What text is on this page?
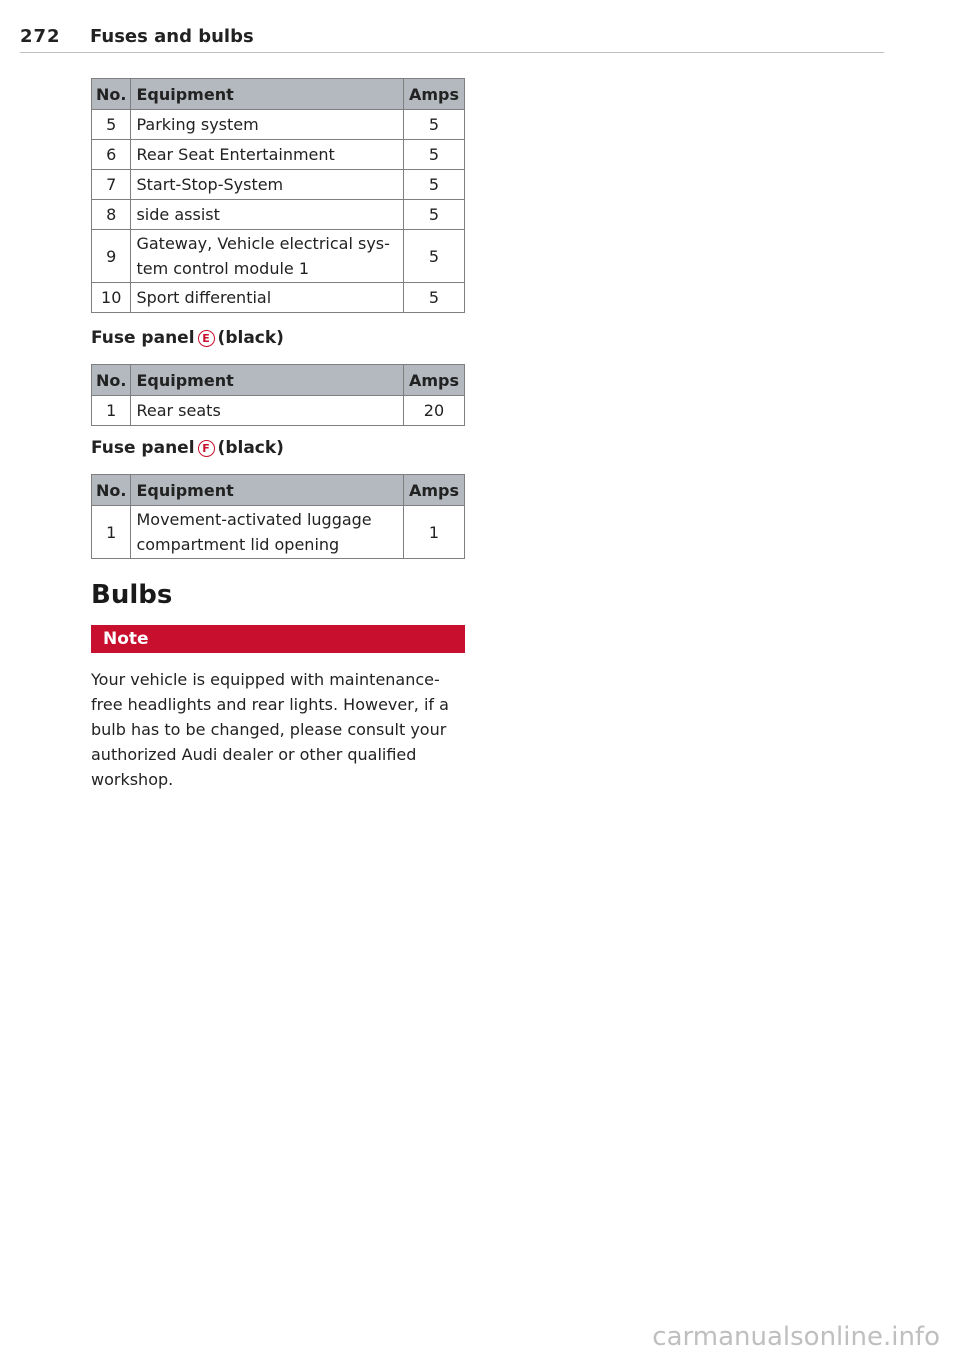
272 Fuses and bulbs
No.	Equipment	Amps
5	Parking system	5
6	Rear Seat Entertainment	5
7	Start-Stop-System	5
8	side assist	5
9	Gateway, Vehicle electrical sys-
tem control module 1	5
10	Sport differential	5
Fuse panel E (black)
No.	Equipment	Amps
1	Rear seats	20
Fuse panel F (black)
No.	Equipment	Amps
1	Movement-activated luggage
compartment lid opening	1
Bulbs
Note
Your vehicle is equipped with maintenance-free headlights and rear lights. However, if a bulb has to be changed, please consult your authorized Audi dealer or other qualified workshop.
carmanualsonline.info
